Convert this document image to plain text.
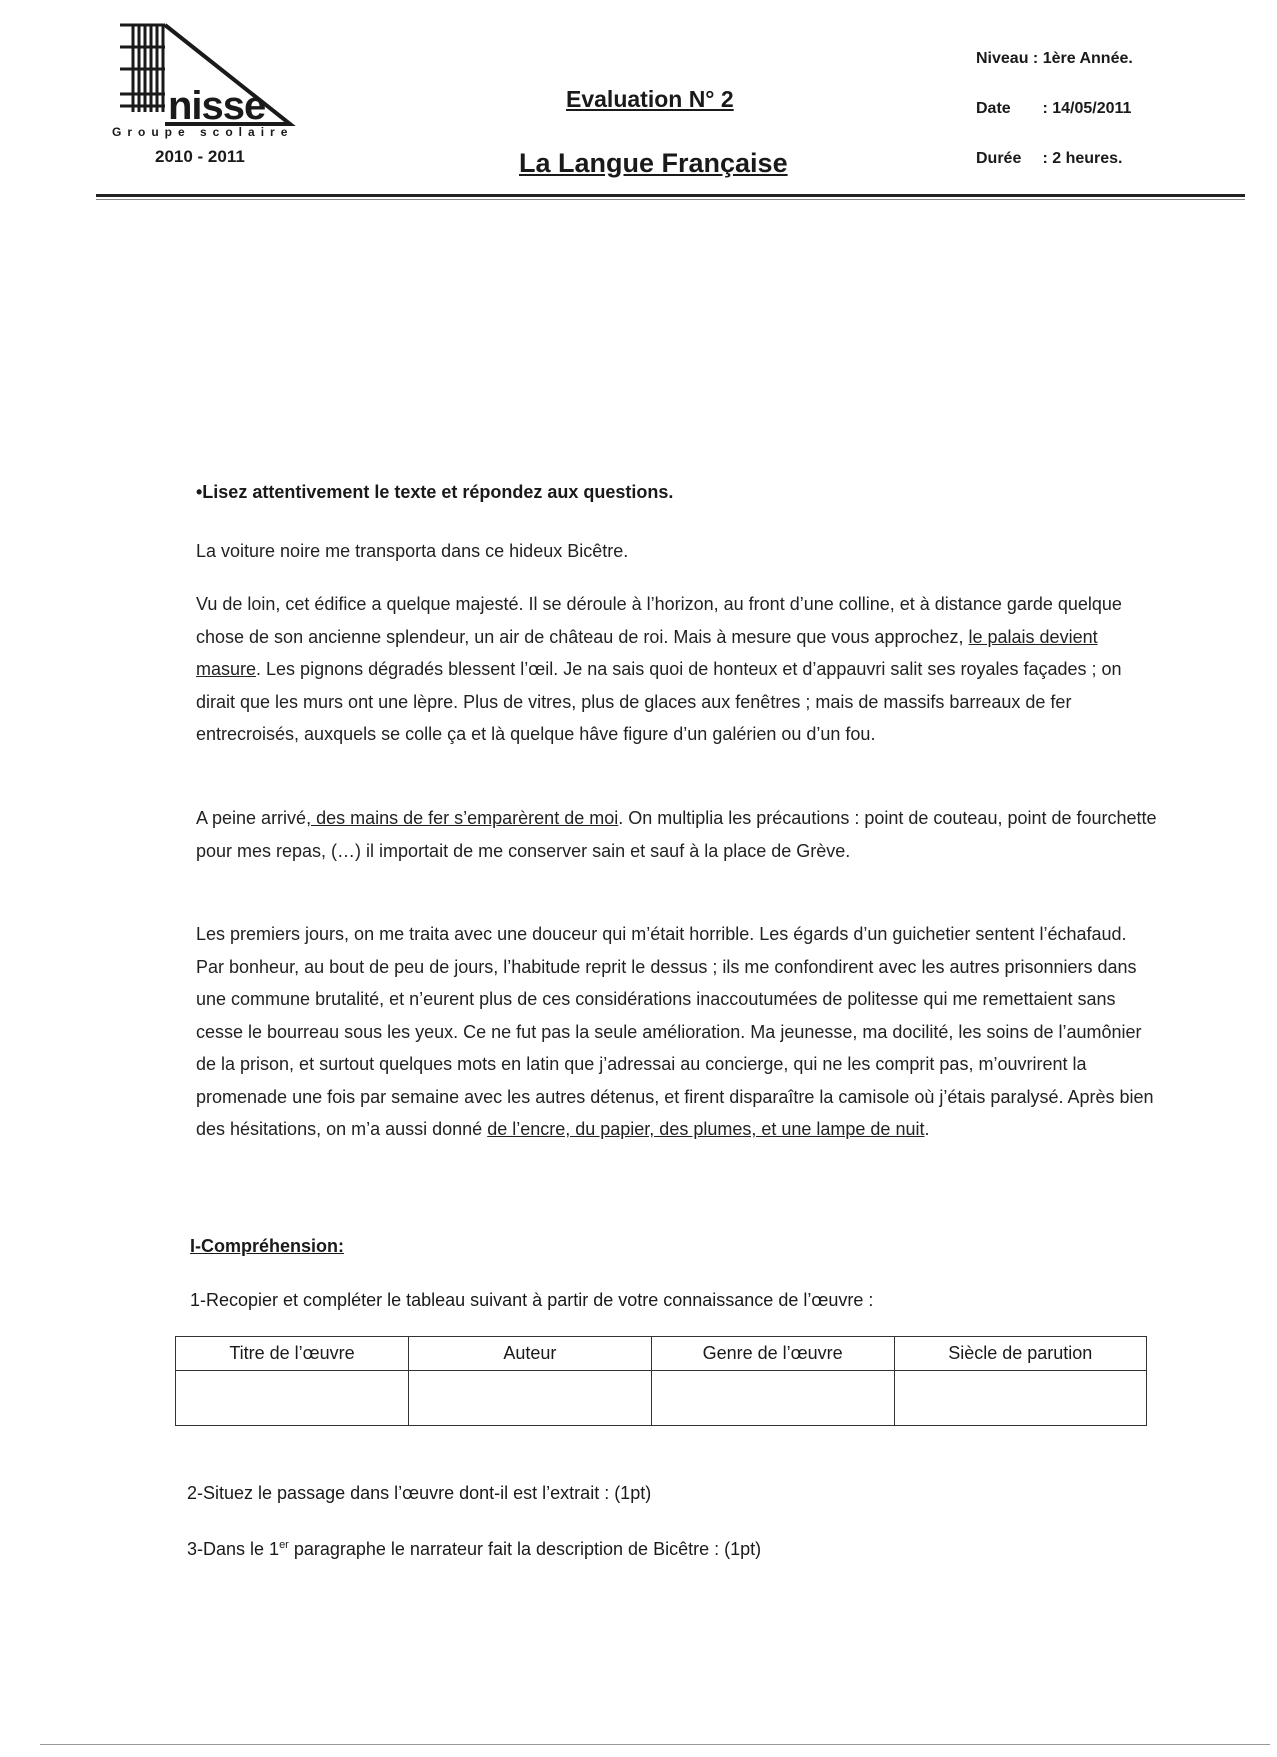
nisse
Groupe scolaire
2010 - 2011
Evaluation N° 2
La Langue Française
Niveau : 1ère Année.
Date : 14/05/2011
Durée : 2 heures.
•Lisez attentivement le texte et répondez aux questions.
La voiture noire me transporta dans ce hideux Bicêtre.
Vu de loin, cet édifice a quelque majesté. Il se déroule à l’horizon, au front d’une colline, et à distance garde quelque chose de son ancienne splendeur, un air de château de roi. Mais à mesure que vous approchez, le palais devient masure. Les pignons dégradés blessent l’œil. Je na sais quoi de honteux et d’appauvri salit ses royales façades ; on dirait que les murs ont une lèpre. Plus de vitres, plus de glaces aux fenêtres ; mais de massifs barreaux de fer entrecroisés, auxquels se colle ça et là quelque hâve figure d’un galérien ou d’un fou.
A peine arrivé, des mains de fer s’emparèrent de moi. On multiplia les précautions : point de couteau, point de fourchette pour mes repas, (…) il importait de me conserver sain et sauf à la place de Grève.
Les premiers jours, on me traita avec une douceur qui m’était horrible. Les égards d’un guichetier sentent l’échafaud. Par bonheur, au bout de peu de jours, l’habitude reprit le dessus ; ils me confondirent avec les autres prisonniers dans une commune brutalité, et n’eurent plus de ces considérations inaccoutumées de politesse qui me remettaient sans cesse le bourreau sous les yeux. Ce ne fut pas la seule amélioration. Ma jeunesse, ma docilité, les soins de l’aumônier de la prison, et surtout quelques mots en latin que j’adressai au concierge, qui ne les comprit pas, m’ouvrirent la promenade une fois par semaine avec les autres détenus, et firent disparaître la camisole où j’étais paralysé. Après bien des hésitations, on m’a aussi donné de l’encre, du papier, des plumes, et une lampe de nuit.
I-Compréhension:
1-Recopier et compléter le tableau suivant à partir de votre connaissance de l’œuvre :
Titre de l’œuvre	Auteur	Genre de l’œuvre	Siècle de parution

2-Situez le passage dans l’œuvre dont-il est l’extrait : (1pt)
3-Dans le 1er paragraphe le narrateur fait la description de Bicêtre : (1pt)
